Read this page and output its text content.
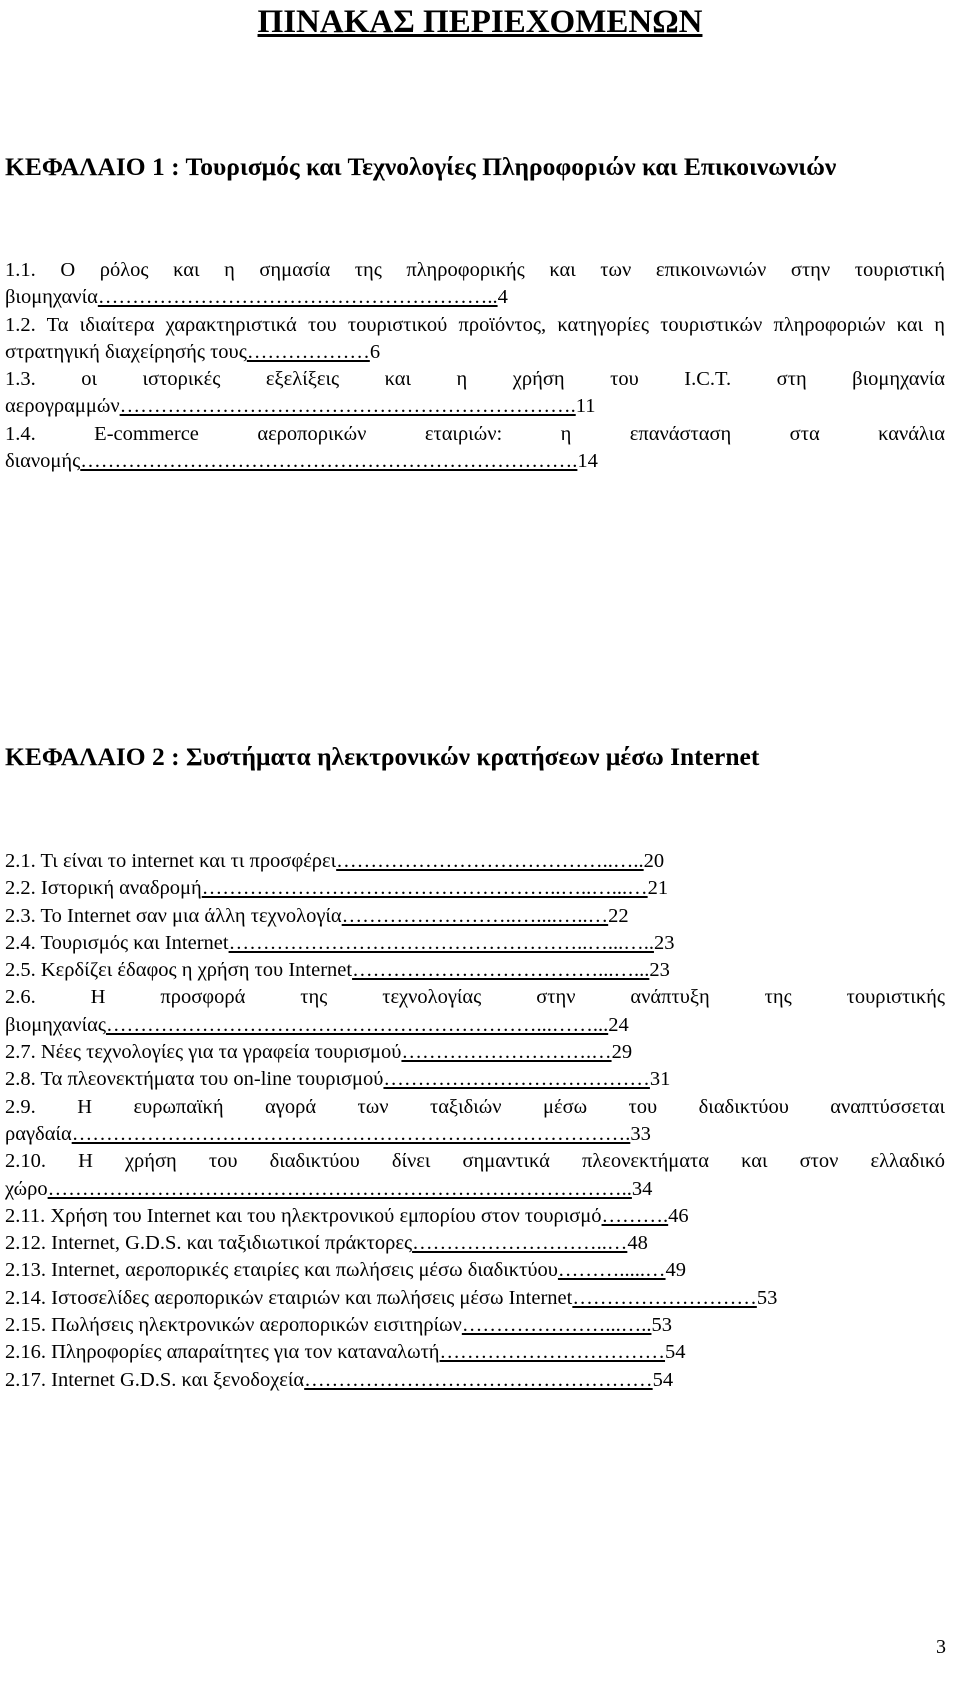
ΠΙΝΑΚΑΣ ΠΕΡΙΕΧΟΜΕΝΩΝ
ΚΕΦΑΛΑΙΟ 1 : Τουρισμός και Τεχνολογίες Πληροφοριών και Επικοινωνιών
1.1. Ο ρόλος και η σημασία της πληροφορικής και των επικοινωνιών στην τουριστική βιομηχανία…………………………………………………..4
1.2. Τα ιδιαίτερα χαρακτηριστικά του τουριστικού προϊόντος, κατηγορίες τουριστικών πληροφοριών και η στρατηγική διαχείρησής τους………………6
1.3. οι ιστορικές εξελίξεις και η χρήση του I.C.T. στη βιομηχανία αερογραμμών………………………………………………………….11
1.4. E-commerce αεροπορικών εταιριών: η επανάσταση στα κανάλια διανομής……………………………………………………………….14
ΚΕΦΑΛΑΙΟ 2 : Συστήματα ηλεκτρονικών κρατήσεων μέσω Internet
2.1. Τι είναι το internet και τι προσφέρει…………………………………..…..20
2.2. Ιστορική αναδρομή……………………………………………..…..…...…21
2.3. Το Internet σαν μια άλλη τεχνολογία……………………..…....…..…22
2.4. Τουρισμός και Internet……………………………………………..…...…..23
2.5. Κερδίζει έδαφος η χρήση του Internet………………………………...…...23
2.6. Η προσφορά της τεχνολογίας στην ανάπτυξη της τουριστικής βιομηχανίας………………………………………………………...……...24
2.7. Νέες τεχνολογίες για τα γραφεία τουρισμού……………………….…29
2.8. Τα πλεονεκτήματα του on-line τουρισμού…………………………………31
2.9. Η ευρωπαϊκή αγορά των ταξιδιών μέσω του διαδικτύου αναπτύσσεται ραγδαία……………………………………………………………………….33
2.10. Η χρήση του διαδικτύου δίνει σημαντικά πλεονεκτήματα και στον ελλαδικό χώρο…………………………………………………………………………..34
2.11. Χρήση του Internet και του ηλεκτρονικού εμπορίου στον τουρισμό……….46
2.12. Internet, G.D.S. και ταξιδιωτικοί πράκτορες………………………..…48
2.13. Internet, αεροπορικές εταιρίες και πωλήσεις μέσω διαδικτύου……….....…49
2.14. Ιστοσελίδες αεροπορικών εταιριών και πωλήσεις μέσω Internet………………………53
2.15. Πωλήσεις ηλεκτρονικών αεροπορικών εισιτηρίων…………………...…..53
2.16. Πληροφορίες απαραίτητες για τον καταναλωτή……………………………54
2.17. Internet G.D.S. και ξενοδοχεία……………………………………………54

3
